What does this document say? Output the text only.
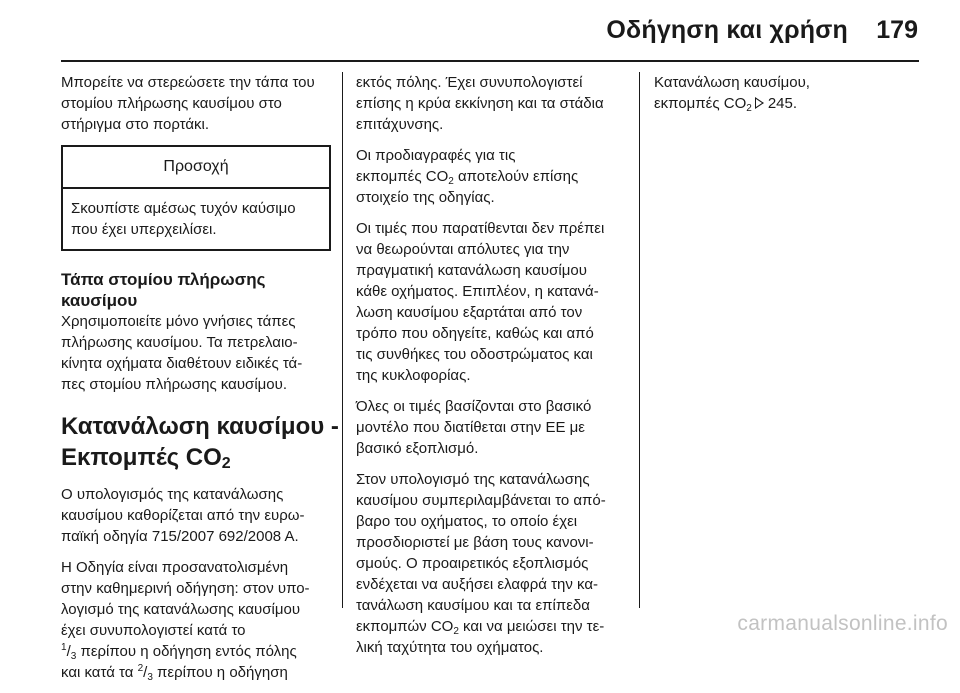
Οδήγηση και χρήση 179

Μπορείτε να στερεώσετε την τάπα του
στομίου πλήρωσης καυσίμου στο
στήριγμα στο πορτάκι.

Προσοχή
Σκουπίστε αμέσως τυχόν καύσιμο
που έχει υπερχειλίσει.
Τάπα στομίου πλήρωσης
καυσίμου

Χρησιμοποιείτε μόνο γνήσιες τάπες
πλήρωσης καυσίμου. Τα πετρελαιο-
κίνητα οχήματα διαθέτουν ειδικές τά-
πες στομίου πλήρωσης καυσίμου.

Κατανάλωση καυσίμου -
Εκπομπές $CO_2$

Ο υπολογισμός της κατανάλωσης
καυσίμου καθορίζεται από την ευρω-
παϊκή οδηγία 715/2007 692/2008 Α.

Η Οδηγία είναι προσανατολισμένη
στην καθημερινή οδήγηση: στον υπο-
λογισμό της κατανάλωσης καυσίμου
έχει συνυπολογιστεί κατά το
$^1/_3$ περίπου η οδήγηση εντός πόλης
και κατά τα $^2/_3$ περίπου η οδήγηση

εκτός πόλης. Έχει συνυπολογιστεί
επίσης η κρύα εκκίνηση και τα στάδια
επιτάχυνσης.

Οι προδιαγραφές για τις
εκπομπές $CO_2$ αποτελούν επίσης
στοιχείο της οδηγίας.

Οι τιμές που παρατίθενται δεν πρέπει
να θεωρούνται απόλυτες για την
πραγματική κατανάλωση καυσίμου
κάθε οχήματος. Επιπλέον, η κατανά-
λωση καυσίμου εξαρτάται από τον
τρόπο που οδηγείτε, καθώς και από
τις συνθήκες του οδοστρώματος και
της κυκλοφορίας.

Όλες οι τιμές βασίζονται στο βασικό
μοντέλο που διατίθεται στην ΕΕ με
βασικό εξοπλισμό.

Στον υπολογισμό της κατανάλωσης
καυσίμου συμπεριλαμβάνεται το από-
βαρο του οχήματος, το οποίο έχει
προσδιοριστεί με βάση τους κανονι-
σμούς. Ο προαιρετικός εξοπλισμός
ενδέχεται να αυξήσει ελαφρά την κα-
τανάλωση καυσίμου και τα επίπεδα
εκπομπών $CO_2$ και να μειώσει την τε-
λική ταχύτητα του οχήματος.

Κατανάλωση καυσίμου,
εκπομπές $CO_2$ 245.

carmanualsonline.info
